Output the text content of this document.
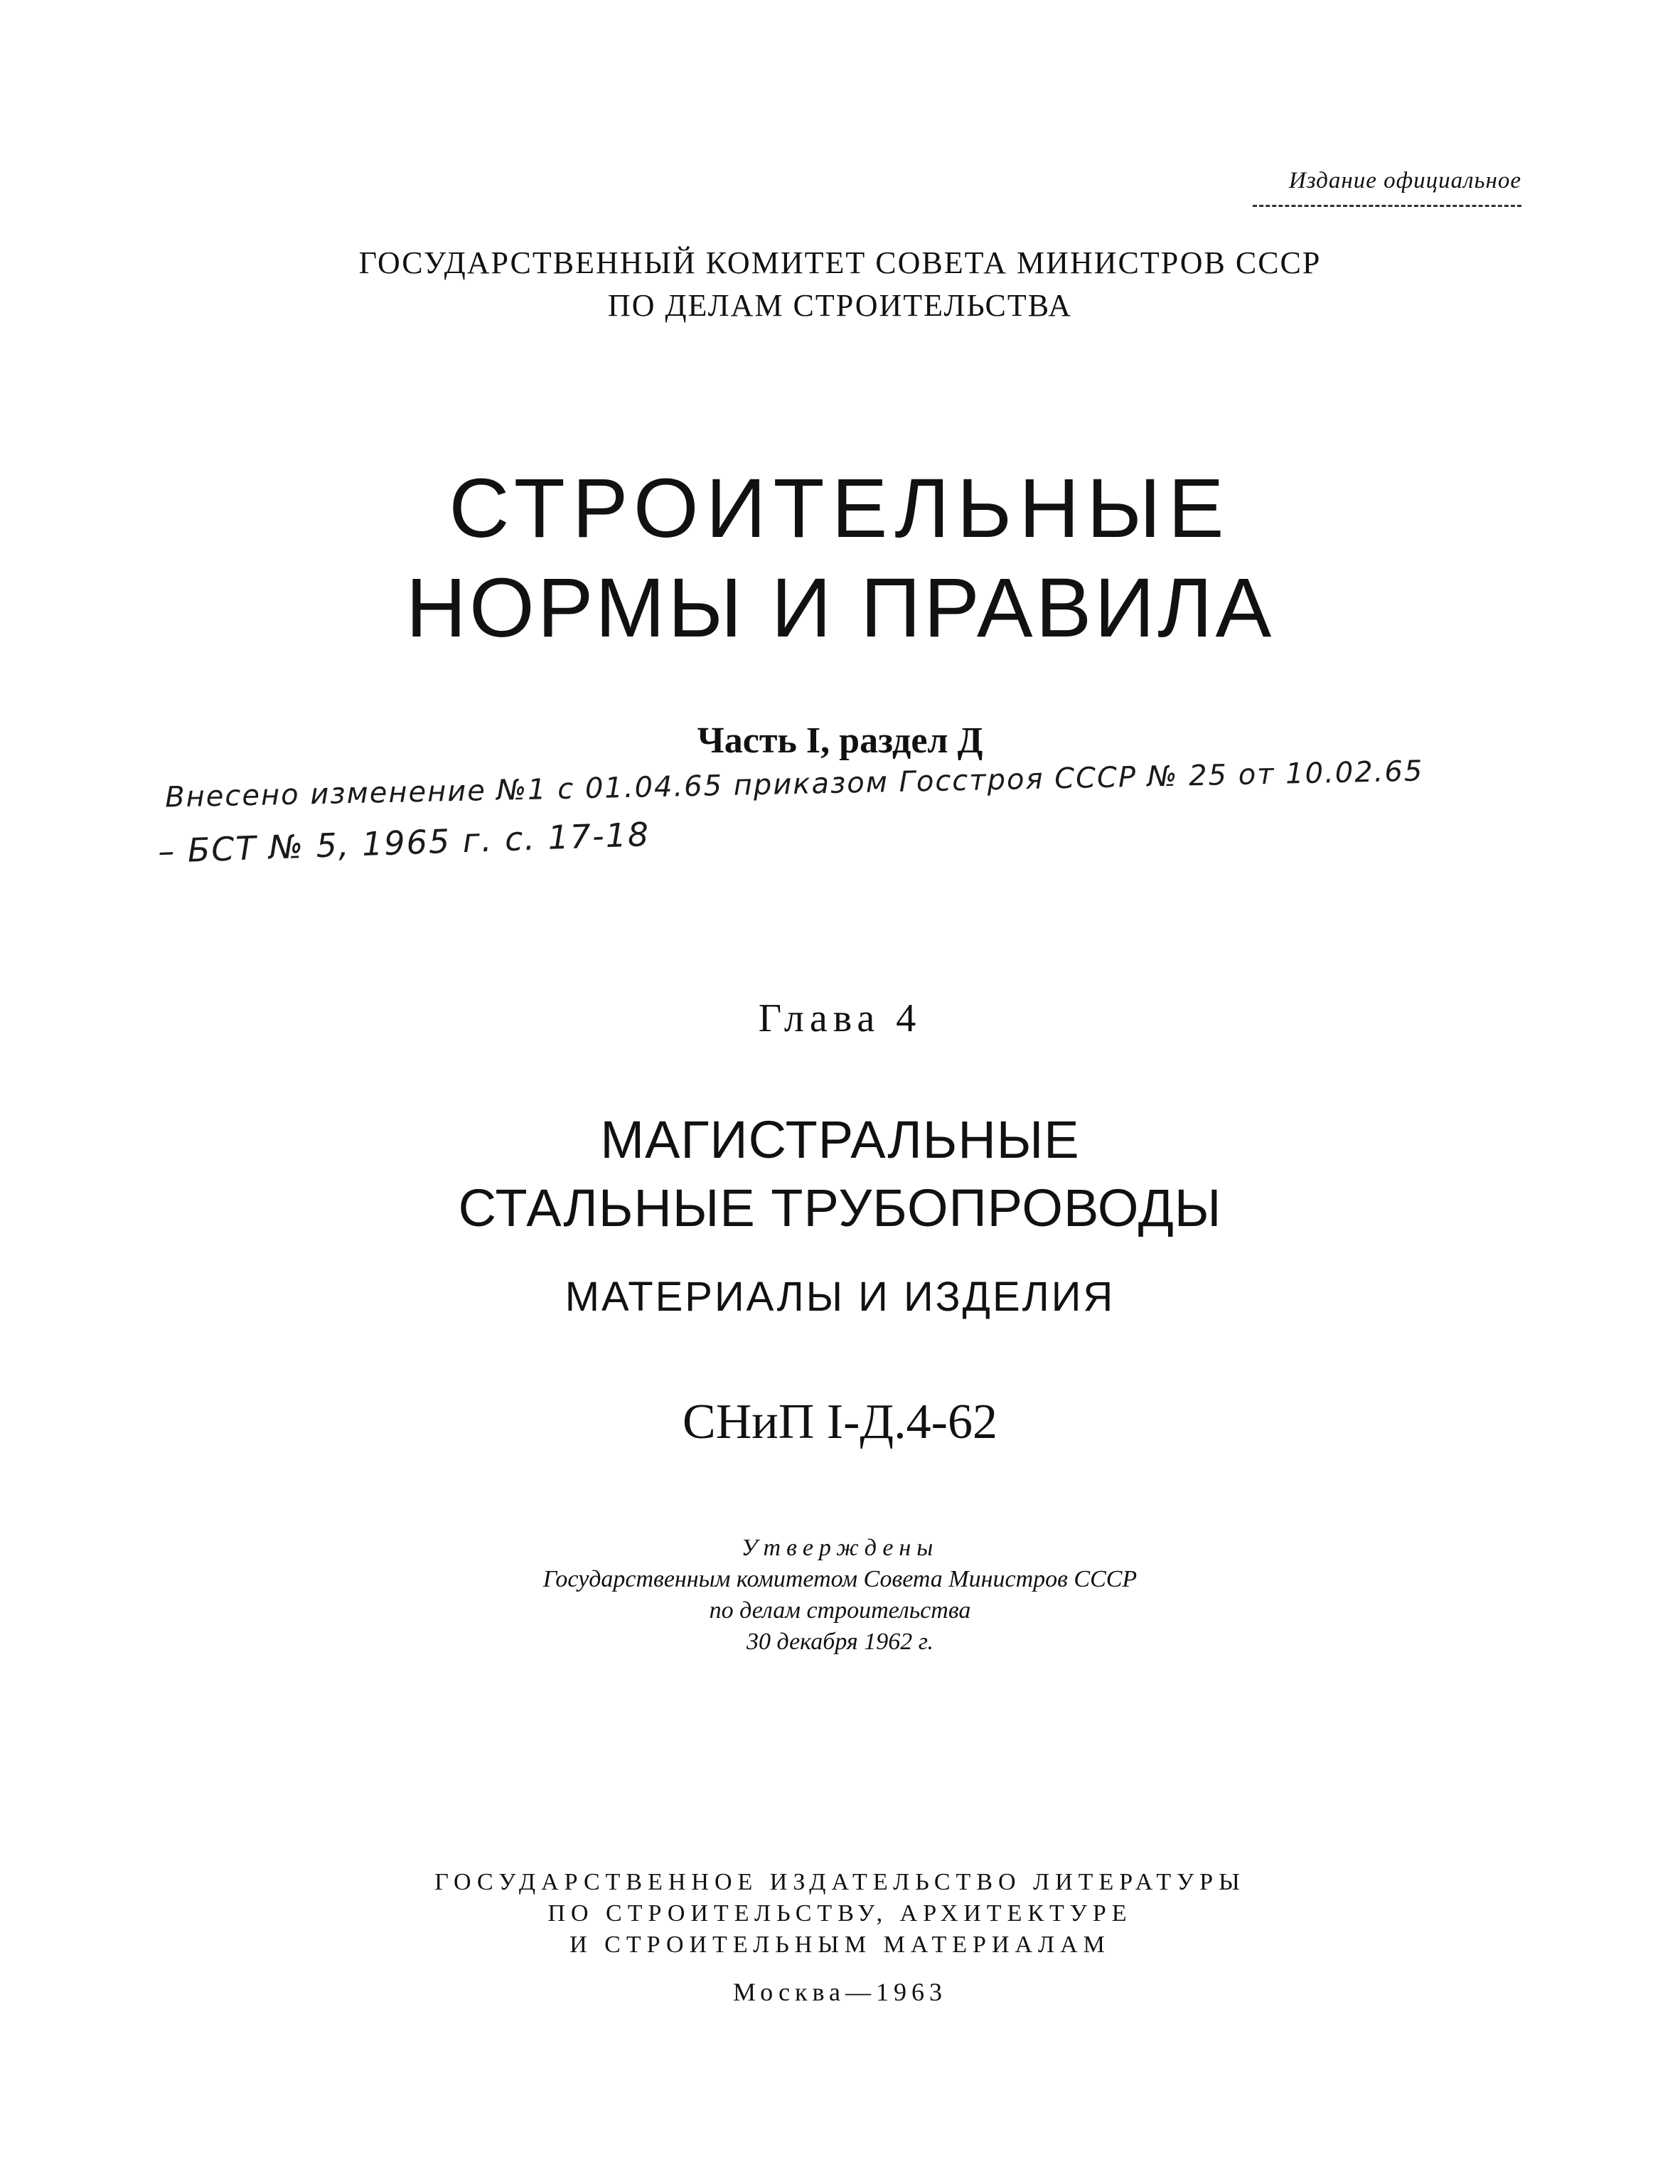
Издание официальное
ГОСУДАРСТВЕННЫЙ КОМИТЕТ СОВЕТА МИНИСТРОВ СССР
ПО ДЕЛАМ СТРОИТЕЛЬСТВА
СТРОИТЕЛЬНЫЕ
НОРМЫ И ПРАВИЛА
Часть I, раздел Д
Внесено изменение №1 с 01.04.65 приказом Госстроя СССР № 25 от 10.02.65
– БСТ № 5, 1965 г. с. 17-18
Глава 4
МАГИСТРАЛЬНЫЕ
СТАЛЬНЫЕ ТРУБОПРОВОДЫ
МАТЕРИАЛЫ И ИЗДЕЛИЯ
СНиП I-Д.4-62
Утверждены
Государственным комитетом Совета Министров СССР
по делам строительства
30 декабря 1962 г.
ГОСУДАРСТВЕННОЕ ИЗДАТЕЛЬСТВО ЛИТЕРАТУРЫ
ПО СТРОИТЕЛЬСТВУ, АРХИТЕКТУРЕ
И СТРОИТЕЛЬНЫМ МАТЕРИАЛАМ
Москва—1963
